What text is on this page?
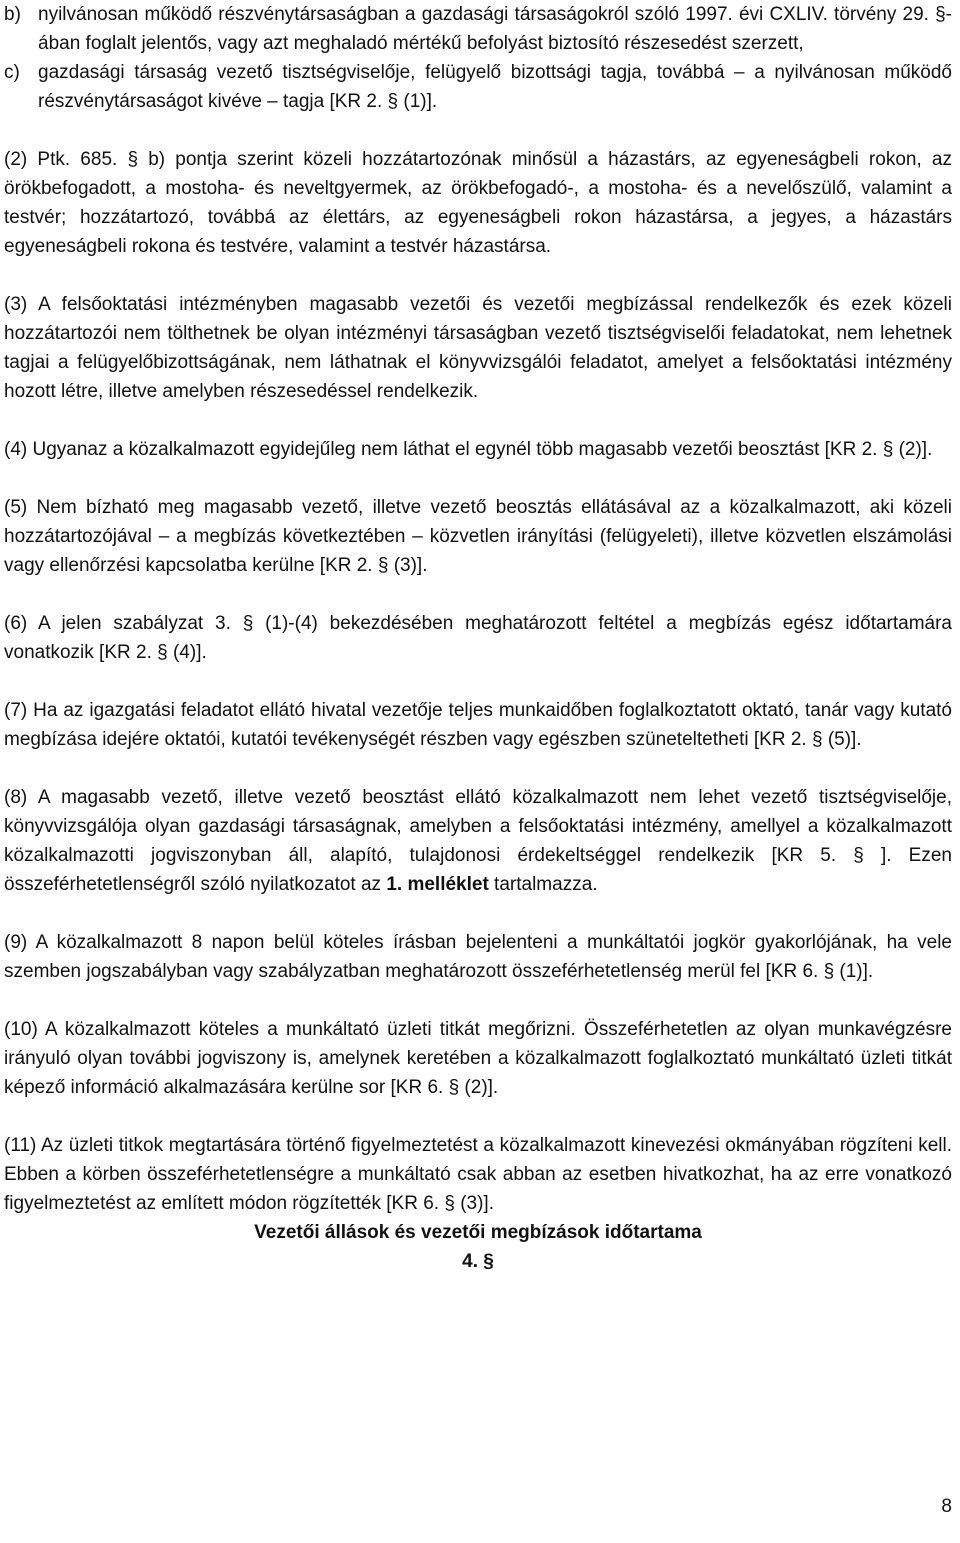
b) nyilvánosan működő részvénytársaságban a gazdasági társaságokról szóló 1997. évi CXLIV. törvény 29. §-ában foglalt jelentős, vagy azt meghaladó mértékű befolyást biztosító részesedést szerzett,
c) gazdasági társaság vezető tisztségviselője, felügyelő bizottsági tagja, továbbá – a nyilvánosan működő részvénytársaságot kivéve – tagja [KR 2. § (1)].

(2) Ptk. 685. § b) pontja szerint közeli hozzátartozónak minősül a házastárs, az egyeneságbeli rokon, az örökbefogadott, a mostoha- és neveltgyermek, az örökbefogadó-, a mostoha- és a nevelőszülő, valamint a testvér; hozzátartozó, továbbá az élettárs, az egyeneságbeli rokon házastársa, a jegyes, a házastárs egyeneságbeli rokona és testvére, valamint a testvér házastársa.

(3) A felsőoktatási intézményben magasabb vezetői és vezetői megbízással rendelkezők és ezek közeli hozzátartozói nem tölthetnek be olyan intézményi társaságban vezető tisztségviselői feladatokat, nem lehetnek tagjai a felügyelőbizottságának, nem láthatnak el könyvvizsgálói feladatot, amelyet a felsőoktatási intézmény hozott létre, illetve amelyben részesedéssel rendelkezik.

(4) Ugyanaz a közalkalmazott egyidejűleg nem láthat el egynél több magasabb vezetői beosztást [KR 2. § (2)].

(5) Nem bízható meg magasabb vezető, illetve vezető beosztás ellátásával az a közalkalmazott, aki közeli hozzátartozójával – a megbízás következtében – közvetlen irányítási (felügyeleti), illetve közvetlen elszámolási vagy ellenőrzési kapcsolatba kerülne [KR 2. § (3)].

(6) A jelen szabályzat 3. § (1)-(4) bekezdésében meghatározott feltétel a megbízás egész időtartamára vonatkozik [KR 2. § (4)].

(7) Ha az igazgatási feladatot ellátó hivatal vezetője teljes munkaidőben foglalkoztatott oktató, tanár vagy kutató megbízása idejére oktatói, kutatói tevékenységét részben vagy egészben szüneteltetheti [KR 2. § (5)].

(8) A magasabb vezető, illetve vezető beosztást ellátó közalkalmazott nem lehet vezető tisztségviselője, könyvvizsgálója olyan gazdasági társaságnak, amelyben a felsőoktatási intézmény, amellyel a közalkalmazott közalkalmazotti jogviszonyban áll, alapító, tulajdonosi érdekeltséggel rendelkezik [KR 5. § ]. Ezen összeférhetetlenségről szóló nyilatkozatot az 1. melléklet tartalmazza.

(9) A közalkalmazott 8 napon belül köteles írásban bejelenteni a munkáltatói jogkör gyakorlójának, ha vele szemben jogszabályban vagy szabályzatban meghatározott összeférhetetlenség merül fel [KR 6. § (1)].

(10) A közalkalmazott köteles a munkáltató üzleti titkát megőrizni. Összeférhetetlen az olyan munkavégzésre irányuló olyan további jogviszony is, amelynek keretében a közalkalmazott foglalkoztató munkáltató üzleti titkát képező információ alkalmazására kerülne sor [KR 6. § (2)].

(11) Az üzleti titkok megtartására történő figyelmeztetést a közalkalmazott kinevezési okmányában rögzíteni kell. Ebben a körben összeférhetetlenségre a munkáltató csak abban az esetben hivatkozhat, ha az erre vonatkozó figyelmeztetést az említett módon rögzítették [KR 6. § (3)].

Vezetői állások és vezetői megbízások időtartama

4. §

8
